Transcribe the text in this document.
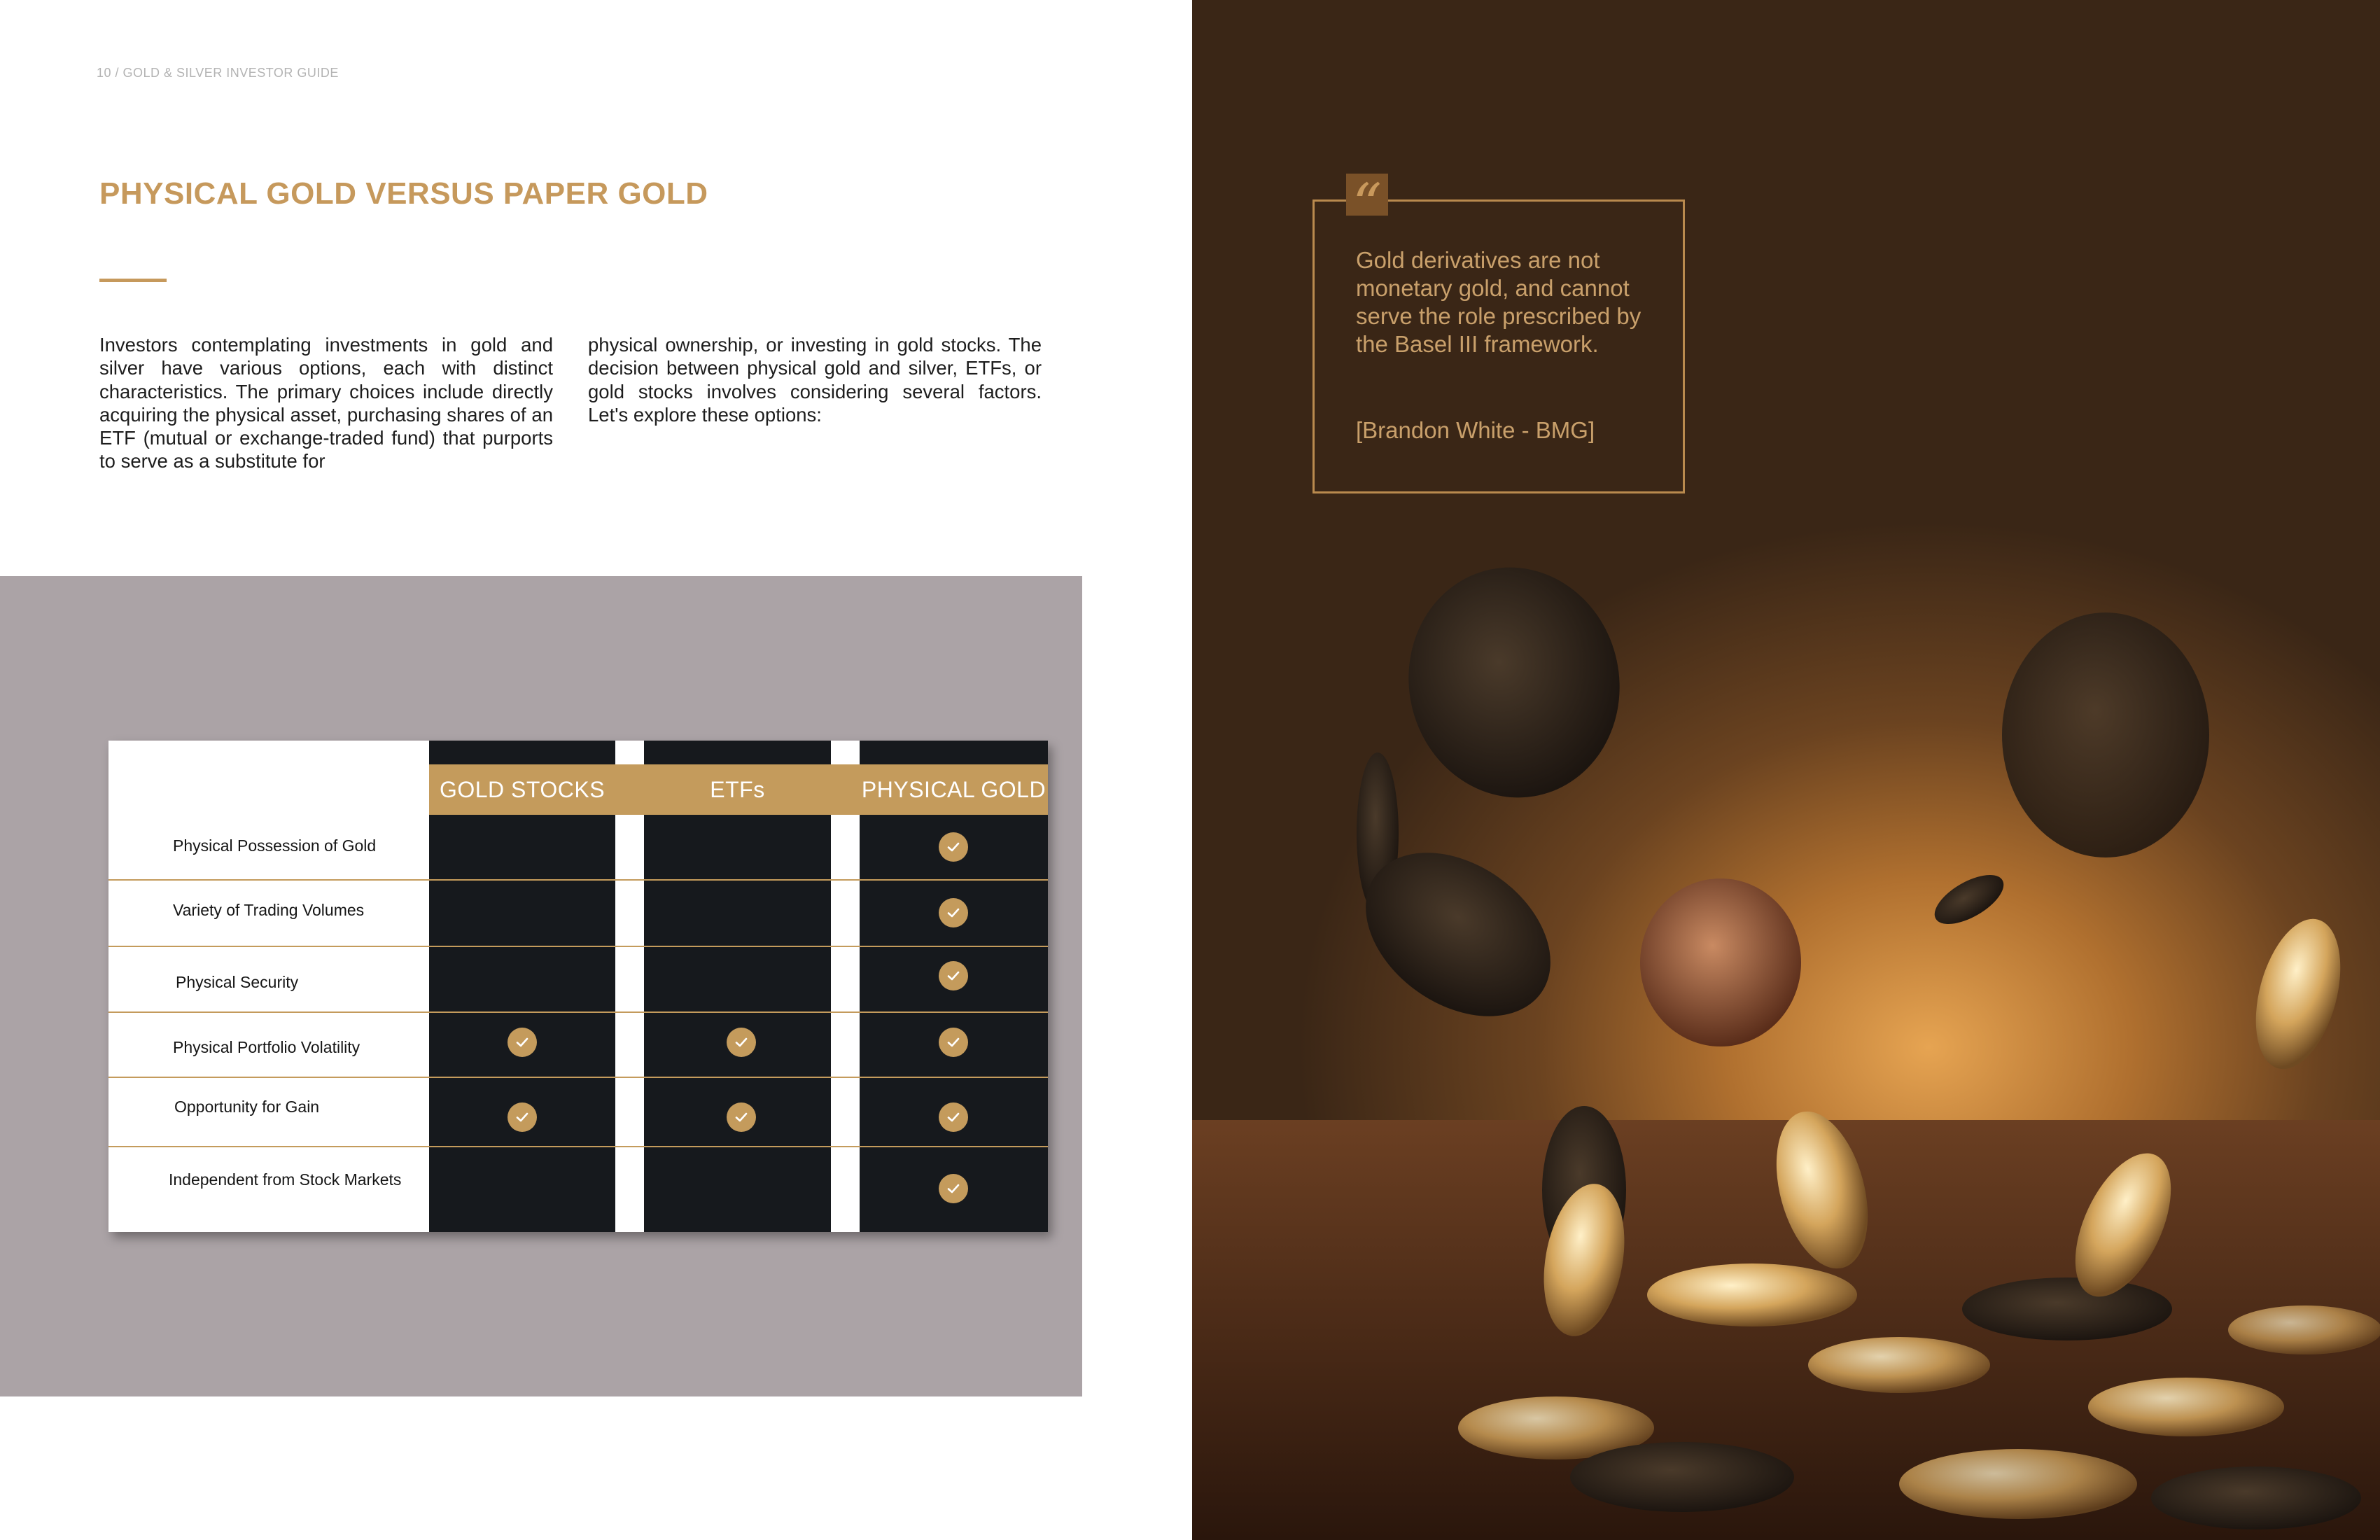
10 / GOLD & SILVER INVESTOR GUIDE
PHYSICAL GOLD VERSUS PAPER GOLD
Investors contemplating investments in gold and silver have various options, each with distinct characteristics. The primary choices include directly acquiring the physical asset, purchasing shares of an ETF (mutual or exchange-traded fund) that purports to serve as a substitute for
physical ownership, or investing in gold stocks. The decision between physical gold and silver, ETFs, or gold stocks involves considering several factors. Let's explore these options:
GOLD STOCKS	ETFs	PHYSICAL GOLD
Physical Possession of Gold
Variety of Trading Volumes
Physical Security
Physical Portfolio Volatility
Opportunity for Gain
Independent from Stock Markets
“
Gold derivatives are not monetary gold, and cannot serve the role prescribed by the Basel III framework.
[Brandon White - BMG]
